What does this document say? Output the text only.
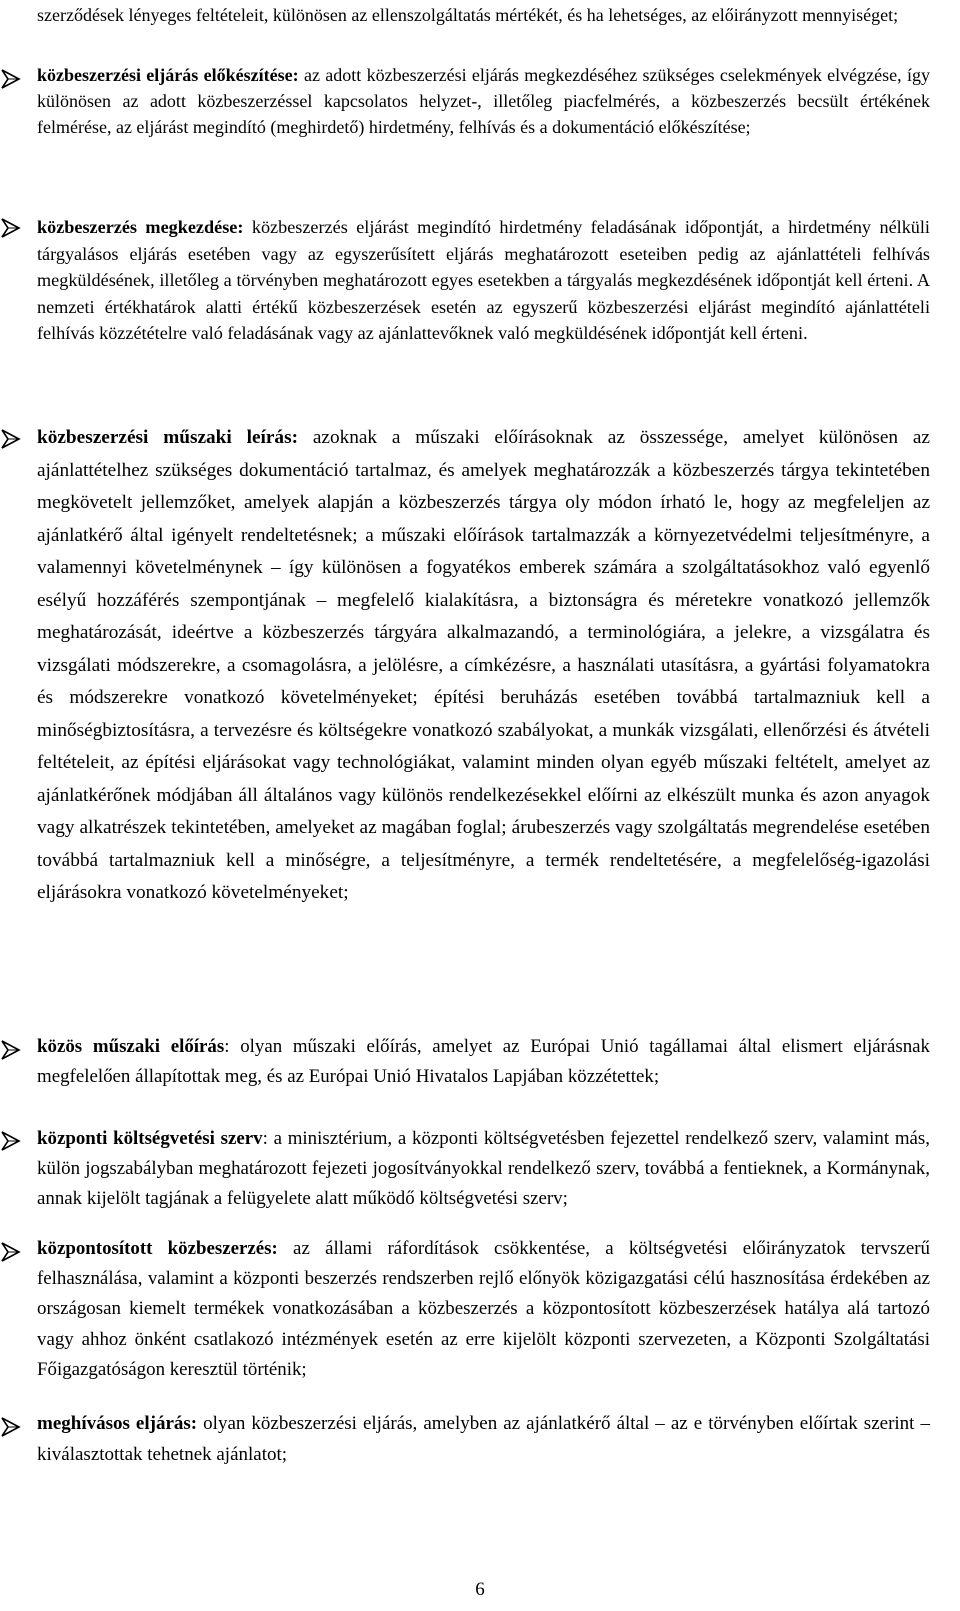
szerződések lényeges feltételeit, különösen az ellenszolgáltatás mértékét, és ha lehetséges, az előirányzott mennyiséget;
közbeszerzési eljárás előkészítése: az adott közbeszerzési eljárás megkezdéséhez szükséges cselekmények elvégzése, így különösen az adott közbeszerzéssel kapcsolatos helyzet-, illetőleg piacfelmérés, a közbeszerzés becsült értékének felmérése, az eljárást megindító (meghirdető) hirdetmény, felhívás és a dokumentáció előkészítése;
közbeszerzés megkezdése: közbeszerzés eljárást megindító hirdetmény feladásának időpontját, a hirdetmény nélküli tárgyalásos eljárás esetében vagy az egyszerűsített eljárás meghatározott eseteiben pedig az ajánlattételi felhívás megküldésének, illetőleg a törvényben meghatározott egyes esetekben a tárgyalás megkezdésének időpontját kell érteni. A nemzeti értékhatárok alatti értékű közbeszerzések esetén az egyszerű közbeszerzési eljárást megindító ajánlattételi felhívás közzétételre való feladásának vagy az ajánlattevőknek való megküldésének időpontját kell érteni.
közbeszerzési műszaki leírás: azoknak a műszaki előírásoknak az összessége, amelyet különösen az ajánlattételhez szükséges dokumentáció tartalmaz, és amelyek meghatározzák a közbeszerzés tárgya tekintetében megkövetelt jellemzőket, amelyek alapján a közbeszerzés tárgya oly módon írható le, hogy az megfeleljen az ajánlatkérő által igényelt rendeltetésnek; a műszaki előírások tartalmazzák a környezetvédelmi teljesítményre, a valamennyi követelménynek – így különösen a fogyatékos emberek számára a szolgáltatásokhoz való egyenlő esélyű hozzáférés szempontjának – megfelelő kialakításra, a biztonságra és méretekre vonatkozó jellemzők meghatározását, ideértve a közbeszerzés tárgyára alkalmazandó, a terminológiára, a jelekre, a vizsgálatra és vizsgálati módszerekre, a csomagolásra, a jelölésre, a címkézésre, a használati utasításra, a gyártási folyamatokra és módszerekre vonatkozó követelményeket; építési beruházás esetében továbbá tartalmazniuk kell a minőségbiztosításra, a tervezésre és költségekre vonatkozó szabályokat, a munkák vizsgálati, ellenőrzési és átvételi feltételeit, az építési eljárásokat vagy technológiákat, valamint minden olyan egyéb műszaki feltételt, amelyet az ajánlatkérőnek módjában áll általános vagy különös rendelkezésekkel előírni az elkészült munka és azon anyagok vagy alkatrészek tekintetében, amelyeket az magában foglal; árubeszerzés vagy szolgáltatás megrendelése esetében továbbá tartalmazniuk kell a minőségre, a teljesítményre, a termék rendeltetésére, a megfelelőség-igazolási eljárásokra vonatkozó követelményeket;
közös műszaki előírás: olyan műszaki előírás, amelyet az Európai Unió tagállamai által elismert eljárásnak megfelelően állapítottak meg, és az Európai Unió Hivatalos Lapjában közzétettek;
központi költségvetési szerv: a minisztérium, a központi költségvetésben fejezettel rendelkező szerv, valamint más, külön jogszabályban meghatározott fejezeti jogosítványokkal rendelkező szerv, továbbá a fentieknek, a Kormánynak, annak kijelölt tagjának a felügyelete alatt működő költségvetési szerv;
központosított közbeszerzés: az állami ráfordítások csökkentése, a költségvetési előirányzatok tervszerű felhasználása, valamint a központi beszerzés rendszerben rejlő előnyök közigazgatási célú hasznosítása érdekében az országosan kiemelt termékek vonatkozásában a közbeszerzés a központosított közbeszerzések hatálya alá tartozó vagy ahhoz önként csatlakozó intézmények esetén az erre kijelölt központi szervezeten, a Központi Szolgáltatási Főigazgatóságon keresztül történik;
meghívásos eljárás: olyan közbeszerzési eljárás, amelyben az ajánlatkérő által – az e törvényben előírtak szerint – kiválasztottak tehetnek ajánlatot;
6
